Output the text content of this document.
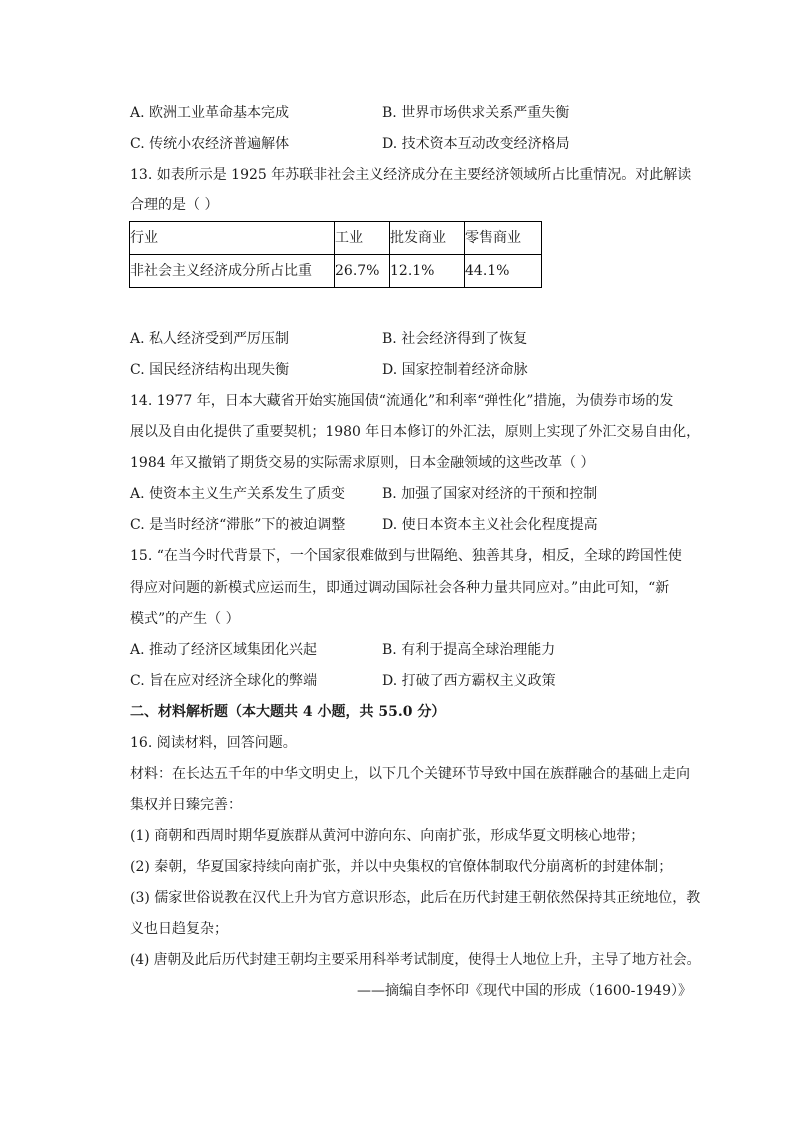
A. 欧洲工业革命基本完成	B. 世界市场供求关系严重失衡
C. 传统小农经济普遍解体	D. 技术资本互动改变经济格局
13. 如表所示是 1925 年苏联非社会主义经济成分在主要经济领域所占比重情况。对此解读
合理的是（ ）
行业	工业	批发商业	零售商业
非社会主义经济成分所占比重	26.7%	12.1%	44.1%
A. 私人经济受到严厉压制	B. 社会经济得到了恢复
C. 国民经济结构出现失衡	D. 国家控制着经济命脉
14. 1977 年，日本大藏省开始实施国债“流通化”和利率“弹性化”措施，为债券市场的发
展以及自由化提供了重要契机；1980 年日本修订的外汇法，原则上实现了外汇交易自由化，
1984 年又撤销了期货交易的实际需求原则，日本金融领域的这些改革（ ）
A. 使资本主义生产关系发生了质变	B. 加强了国家对经济的干预和控制
C. 是当时经济“滞胀”下的被迫调整	D. 使日本资本主义社会化程度提高
15. “在当今时代背景下，一个国家很难做到与世隔绝、独善其身，相反，全球的跨国性使
得应对问题的新模式应运而生，即通过调动国际社会各种力量共同应对。”由此可知，“新
模式”的产生（ ）
A. 推动了经济区域集团化兴起	B. 有利于提高全球治理能力
C. 旨在应对经济全球化的弊端	D. 打破了西方霸权主义政策
二、材料解析题（本大题共 4 小题，共 55.0 分）
16. 阅读材料，回答问题。
材料：在长达五千年的中华文明史上，以下几个关键环节导致中国在族群融合的基础上走向
集权并日臻完善：
(1) 商朝和西周时期华夏族群从黄河中游向东、向南扩张，形成华夏文明核心地带；
(2) 秦朝，华夏国家持续向南扩张，并以中央集权的官僚体制取代分崩离析的封建体制；
(3) 儒家世俗说教在汉代上升为官方意识形态，此后在历代封建王朝依然保持其正统地位，教
义也日趋复杂；
(4) 唐朝及此后历代封建王朝均主要采用科举考试制度，使得士人地位上升，主导了地方社会。
——摘编自李怀印《现代中国的形成（1600-1949）》
